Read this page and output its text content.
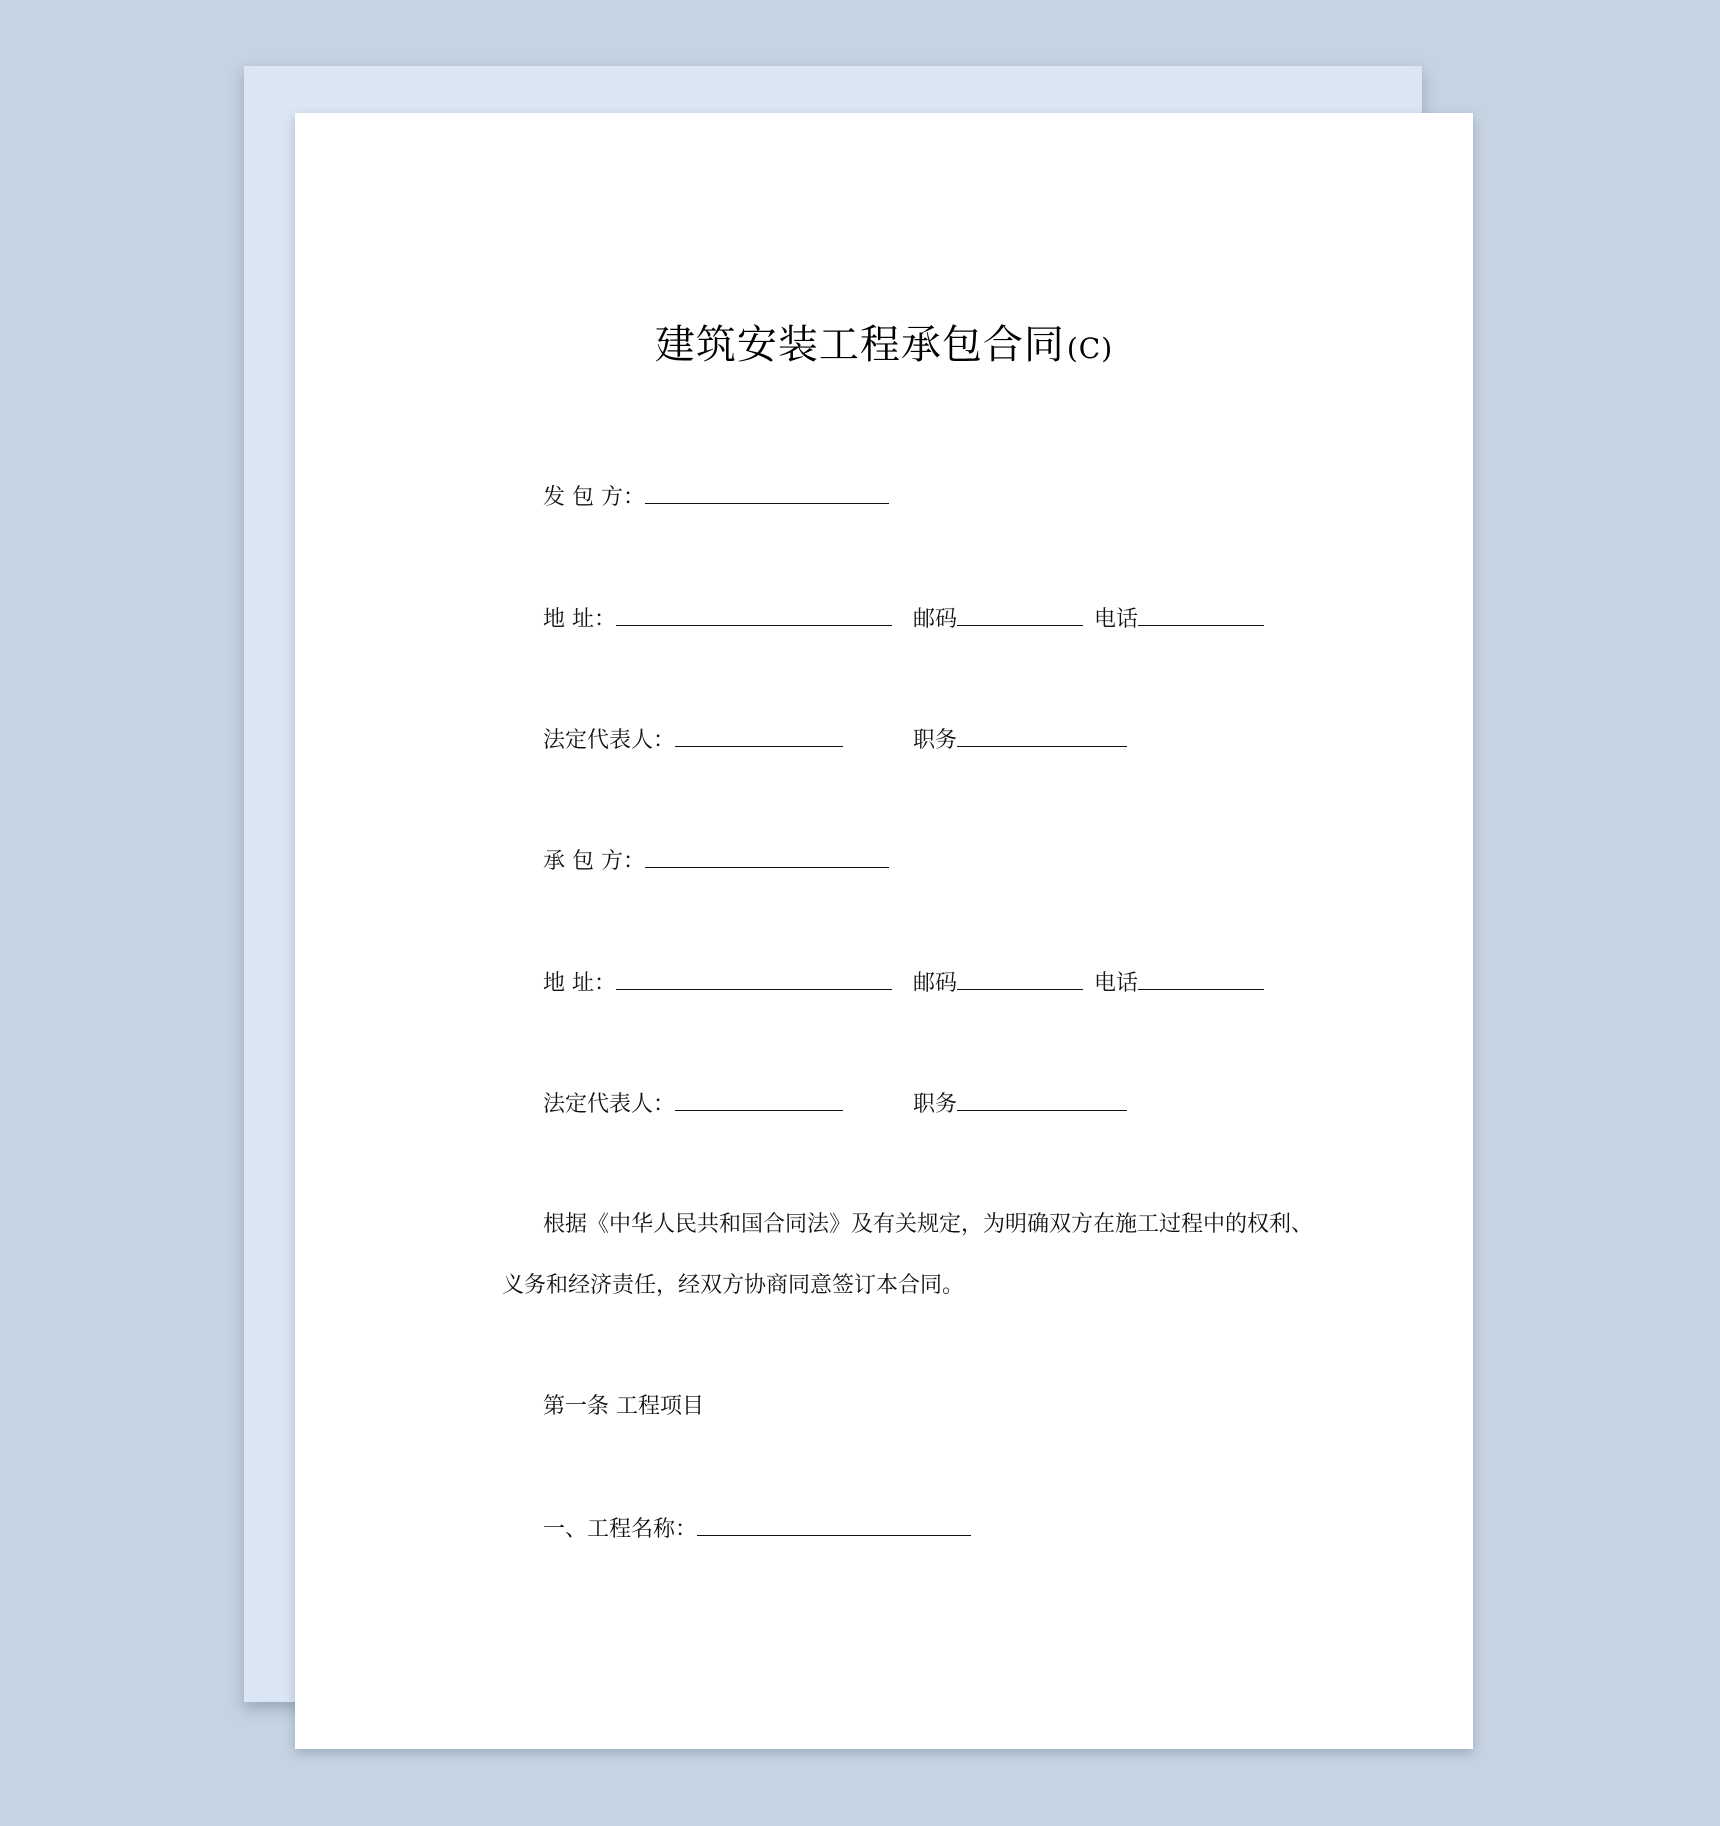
建筑安装工程承包合同(C)
发 包 方：
地 址：	邮码	电话
法定代表人：	职务
承 包 方：
地 址：	邮码	电话
法定代表人：	职务
根据《中华人民共和国合同法》及有关规定，为明确双方在施工过程中的权利、
义务和经济责任，经双方协商同意签订本合同。
第一条 工程项目
一、工程名称：
